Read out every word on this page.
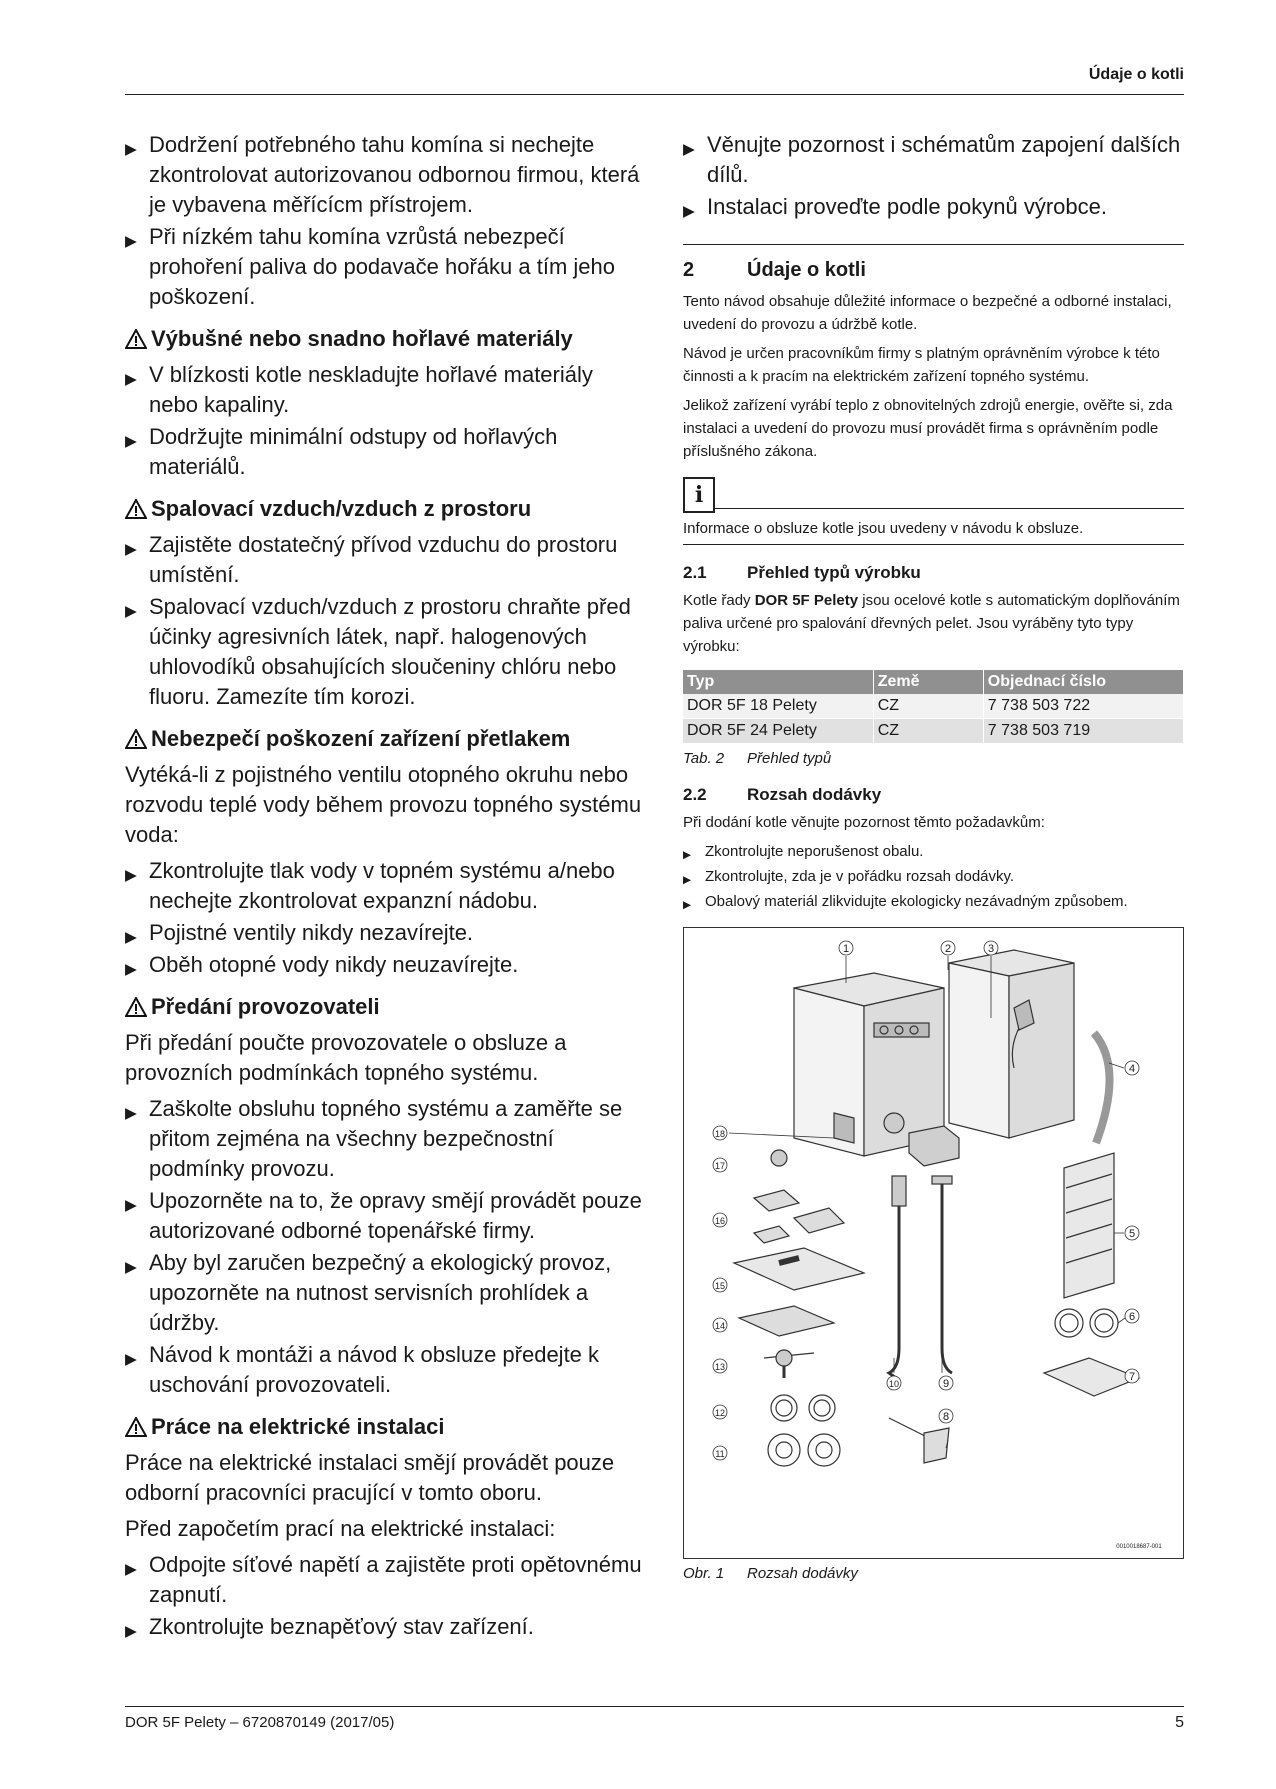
Údaje o kotli
▶ Dodržení potřebného tahu komína si nechejte zkontrolovat autorizovanou odbornou firmou, která je vybavena měřícícm přístrojem.
▶ Při nízkém tahu komína vzrůstá nebezpečí prohoření paliva do podavače hořáku a tím jeho poškození.
Výbušné nebo snadno hořlavé materiály
▶ V blízkosti kotle neskladujte hořlavé materiály nebo kapaliny.
▶ Dodržujte minimální odstupy od hořlavých materiálů.
Spalovací vzduch/vzduch z prostoru
▶ Zajistěte dostatečný přívod vzduchu do prostoru umístění.
▶ Spalovací vzduch/vzduch z prostoru chraňte před účinky agresivních látek, např. halogenových uhlovodíků obsahujících sloučeniny chlóru nebo fluoru. Zamezíte tím korozi.
Nebezpečí poškození zařízení přetlakem

Vytéká-li z pojistného ventilu otopného okruhu nebo rozvodu teplé vody během provozu topného systému voda:

▶ Zkontrolujte tlak vody v topném systému a/nebo nechejte zkontrolovat expanzní nádobu.
▶ Pojistné ventily nikdy nezavírejte.
▶ Oběh otopné vody nikdy neuzavírejte.
Předání provozovateli

Při předání poučte provozovatele o obsluze a provozních podmínkách topného systému.

▶ Zaškolte obsluhu topného systému a zaměřte se přitom zejména na všechny bezpečnostní podmínky provozu.
▶ Upozorněte na to, že opravy smějí provádět pouze autorizované odborné topenářské firmy.
▶ Aby byl zaručen bezpečný a ekologický provoz, upozorněte na nutnost servisních prohlídek a údržby.
▶ Návod k montáži a návod k obsluze předejte k uschování provozovateli.
Práce na elektrické instalaci

Práce na elektrické instalaci smějí provádět pouze odborní pracovníci pracující v tomto oboru.

Před započetím prací na elektrické instalaci:

▶ Odpojte síťové napětí a zajistěte proti opětovnému zapnutí.
▶ Zkontrolujte beznapěťový stav zařízení.
▶ Věnujte pozornost i schématům zapojení dalších dílů.
▶ Instalaci proveďte podle pokynů výrobce.
2	Údaje o kotli

Tento návod obsahuje důležité informace o bezpečné a odborné instalaci, uvedení do provozu a údržbě kotle.

Návod je určen pracovníkům firmy s platným oprávněním výrobce k této činnosti a k pracím na elektrickém zařízení topného systému.

Jelikož zařízení vyrábí teplo z obnovitelných zdrojů energie, ověřte si, zda instalaci a uvedení do provozu musí provádět firma s oprávněním podle příslušného zákona.

i

Informace o obsluze kotle jsou uvedeny v návodu k obsluze.

2.1	Přehled typů výrobku

Kotle řady DOR 5F Pelety jsou ocelové kotle s automatickým doplňováním paliva určené pro spalování dřevných pelet. Jsou vyráběny tyto typy výrobku:

Typ	Země	Objednací číslo
DOR 5F 18 Pelety	CZ	7 738 503 722
DOR 5F 24 Pelety	CZ	7 738 503 719
Tab. 2	Přehled typů
2.2	Rozsah dodávky

Při dodání kotle věnujte pozornost těmto požadavkům:

▶ Zkontrolujte neporušenost obalu.
▶ Zkontrolujte, zda je v pořádku rozsah dodávky.
▶ Obalový materiál zlikvidujte ekologicky nezávadným způsobem.
1	2	3
4
5
6
7
8
9
10
11
12
13
14
15
16
17
18
0010018687-001
Obr. 1	Rozsah dodávky
DOR 5F Pelety – 6720870149 (2017/05)	5
